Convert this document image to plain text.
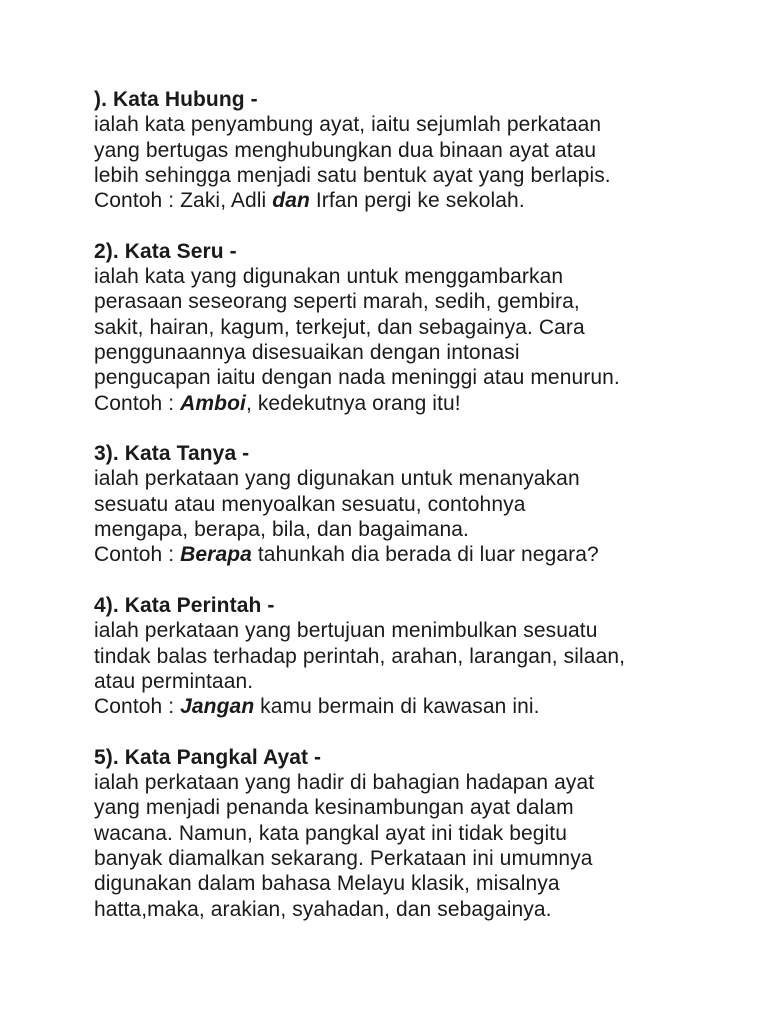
). Kata Hubung -

ialah kata penyambung ayat, iaitu sejumlah perkataan
yang bertugas menghubungkan dua binaan ayat atau
lebih sehingga menjadi satu bentuk ayat yang berlapis.

Contoh : Zaki, Adli dan Irfan pergi ke sekolah.

2). Kata Seru -

ialah kata yang digunakan untuk menggambarkan
perasaan seseorang seperti marah, sedih, gembira,
sakit, hairan, kagum, terkejut, dan sebagainya. Cara
penggunaannya disesuaikan dengan intonasi
pengucapan iaitu dengan nada meninggi atau menurun.

Contoh : Amboi, kedekutnya orang itu!

3). Kata Tanya -

ialah perkataan yang digunakan untuk menanyakan
sesuatu atau menyoalkan sesuatu, contohnya
mengapa, berapa, bila, dan bagaimana.

Contoh : Berapa tahunkah dia berada di luar negara?

4). Kata Perintah -

ialah perkataan yang bertujuan menimbulkan sesuatu
tindak balas terhadap perintah, arahan, larangan, silaan,
atau permintaan.

Contoh : Jangan kamu bermain di kawasan ini.

5). Kata Pangkal Ayat -

ialah perkataan yang hadir di bahagian hadapan ayat
yang menjadi penanda kesinambungan ayat dalam
wacana. Namun, kata pangkal ayat ini tidak begitu
banyak diamalkan sekarang. Perkataan ini umumnya
digunakan dalam bahasa Melayu klasik, misalnya
hatta,maka, arakian, syahadan, dan sebagainya.
